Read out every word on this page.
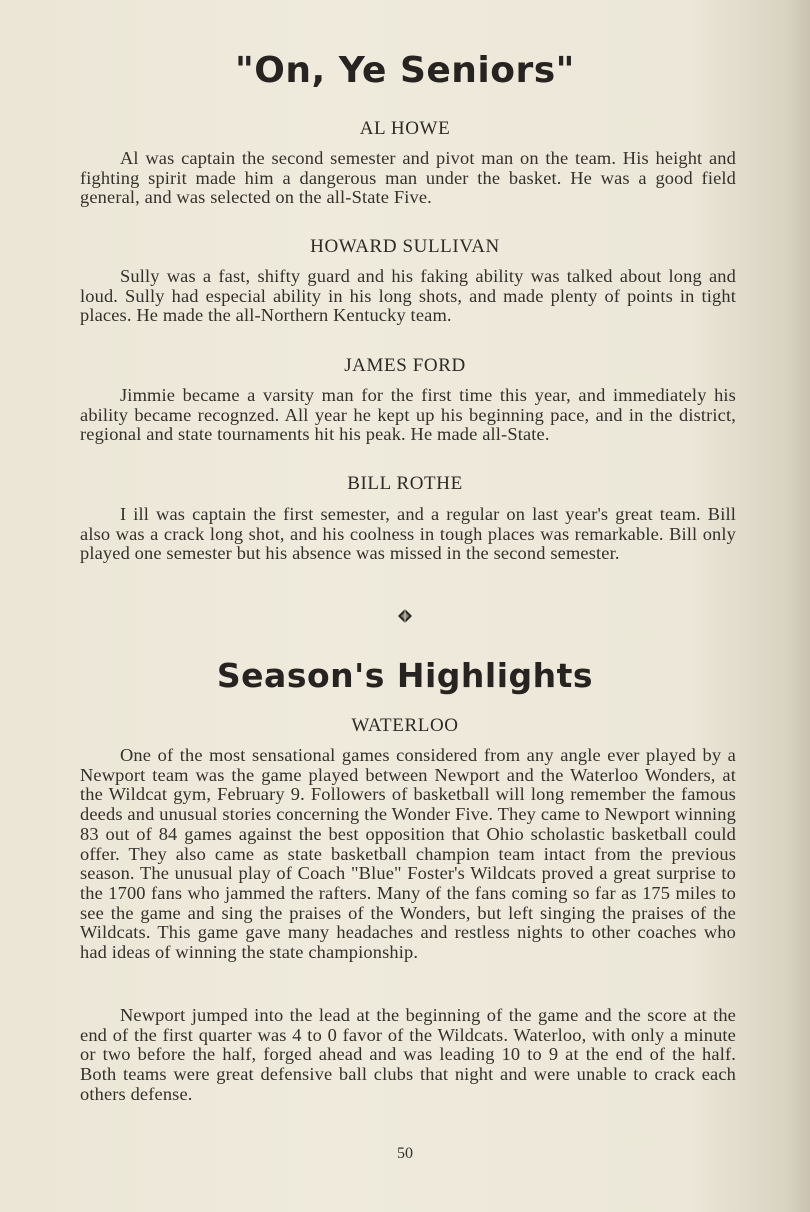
"On, Ye Seniors"
AL HOWE
Al was captain the second semester and pivot man on the team. His height and fighting spirit made him a dangerous man under the basket. He was a good field general, and was selected on the all-State Five.
HOWARD SULLIVAN
Sully was a fast, shifty guard and his faking ability was talked about long and loud. Sully had especial ability in his long shots, and made plenty of points in tight places. He made the all-Northern Kentucky team.
JAMES FORD
Jimmie became a varsity man for the first time this year, and immediately his ability became recognzed. All year he kept up his beginning pace, and in the district, regional and state tournaments hit his peak. He made all-State.
BILL ROTHE
I ill was captain the first semester, and a regular on last year's great team. Bill also was a crack long shot, and his coolness in tough places was remarkable. Bill only played one semester but his absence was missed in the second semester.
Season's Highlights
WATERLOO
One of the most sensational games considered from any angle ever played by a Newport team was the game played between Newport and the Waterloo Wonders, at the Wildcat gym, February 9. Followers of basketball will long remember the famous deeds and unusual stories concerning the Wonder Five. They came to Newport winning 83 out of 84 games against the best opposition that Ohio scholastic basketball could offer. They also came as state basketball champion team intact from the previous season. The unusual play of Coach "Blue" Foster's Wildcats proved a great surprise to the 1700 fans who jammed the rafters. Many of the fans coming so far as 175 miles to see the game and sing the praises of the Wonders, but left singing the praises of the Wildcats. This game gave many headaches and restless nights to other coaches who had ideas of winning the state championship.
Newport jumped into the lead at the beginning of the game and the score at the end of the first quarter was 4 to 0 favor of the Wildcats. Waterloo, with only a minute or two before the half, forged ahead and was leading 10 to 9 at the end of the half. Both teams were great defensive ball clubs that night and were unable to crack each others defense.
50
